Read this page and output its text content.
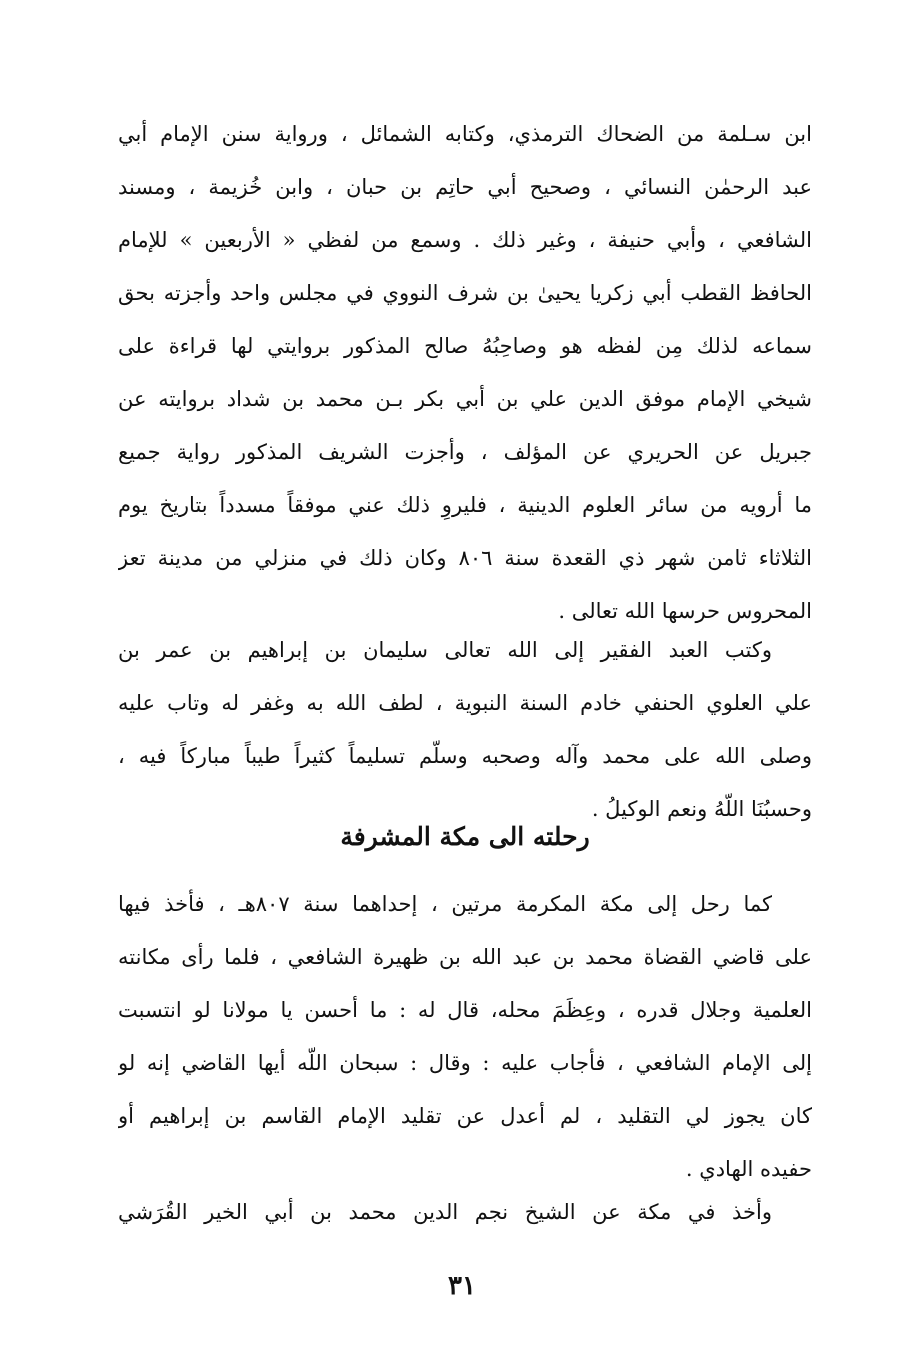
ابن سـلمة من الضحاك الترمذي، وكتابه الشمائل ، ورواية سنن الإمام أبي
عبد الرحمٰن النسائي ، وصحيح أبي حاتِم بن حبان ، وابن خُزيمة ، ومسند
الشافعي ، وأبي حنيفة ، وغير ذلك . وسمع من لفظي « الأربعين » للإمام
الحافظ القطب أبي زكريا يحيىٰ بن شرف النووي في مجلس واحد وأجزته بحق
سماعه لذلك مِن لفظه هو وصاحِبُهُ صالح المذكور بروايتي لها قراءة على
شيخي الإمام موفق الدين علي بن أبي بكر بـن محمد بن شداد بروايته عن
جبريل عن الحريري عن المؤلف ، وأجزت الشريف المذكور رواية جميع
ما أرويه من سائر العلوم الدينية ، فليروِ ذلك عني موفقاً مسدداً بتاريخ يوم
الثلاثاء ثامن شهر ذي القعدة سنة ٨٠٦ وكان ذلك في منزلي من مدينة تعز
المحروس حرسها الله تعالى .
وكتب العبد الفقير إلى الله تعالى سليمان بن إبراهيم بن عمر بن
علي العلوي الحنفي خادم السنة النبوية ، لطف الله به وغفر له وتاب عليه
وصلى الله على محمد وآله وصحبه وسلّم تسليماً كثيراً طيباً مباركاً فيه ،
وحسبُنَا اللّهُ ونعم الوكيلُ .
رحلته الى مكة المشرفة
كما رحل إلى مكة المكرمة مرتين ، إحداهما سنة ٨٠٧هـ ، فأخذ فيها
على قاضي القضاة محمد بن عبد الله بن ظهيرة الشافعي ، فلما رأى مكانته
العلمية وجلال قدره ، وعِظَمَ محله، قال له : ما أحسن يا مولانا لو انتسبت
إلى الإمام الشافعي ، فأجاب عليه : وقال : سبحان اللّه أيها القاضي إنه لو
كان يجوز لي التقليد ، لم أعدل عن تقليد الإمام القاسم بن إبراهيم أو
حفيده الهادي .
وأخذ في مكة عن الشيخ نجم الدين محمد بن أبي الخير القُرَشي
٣١
